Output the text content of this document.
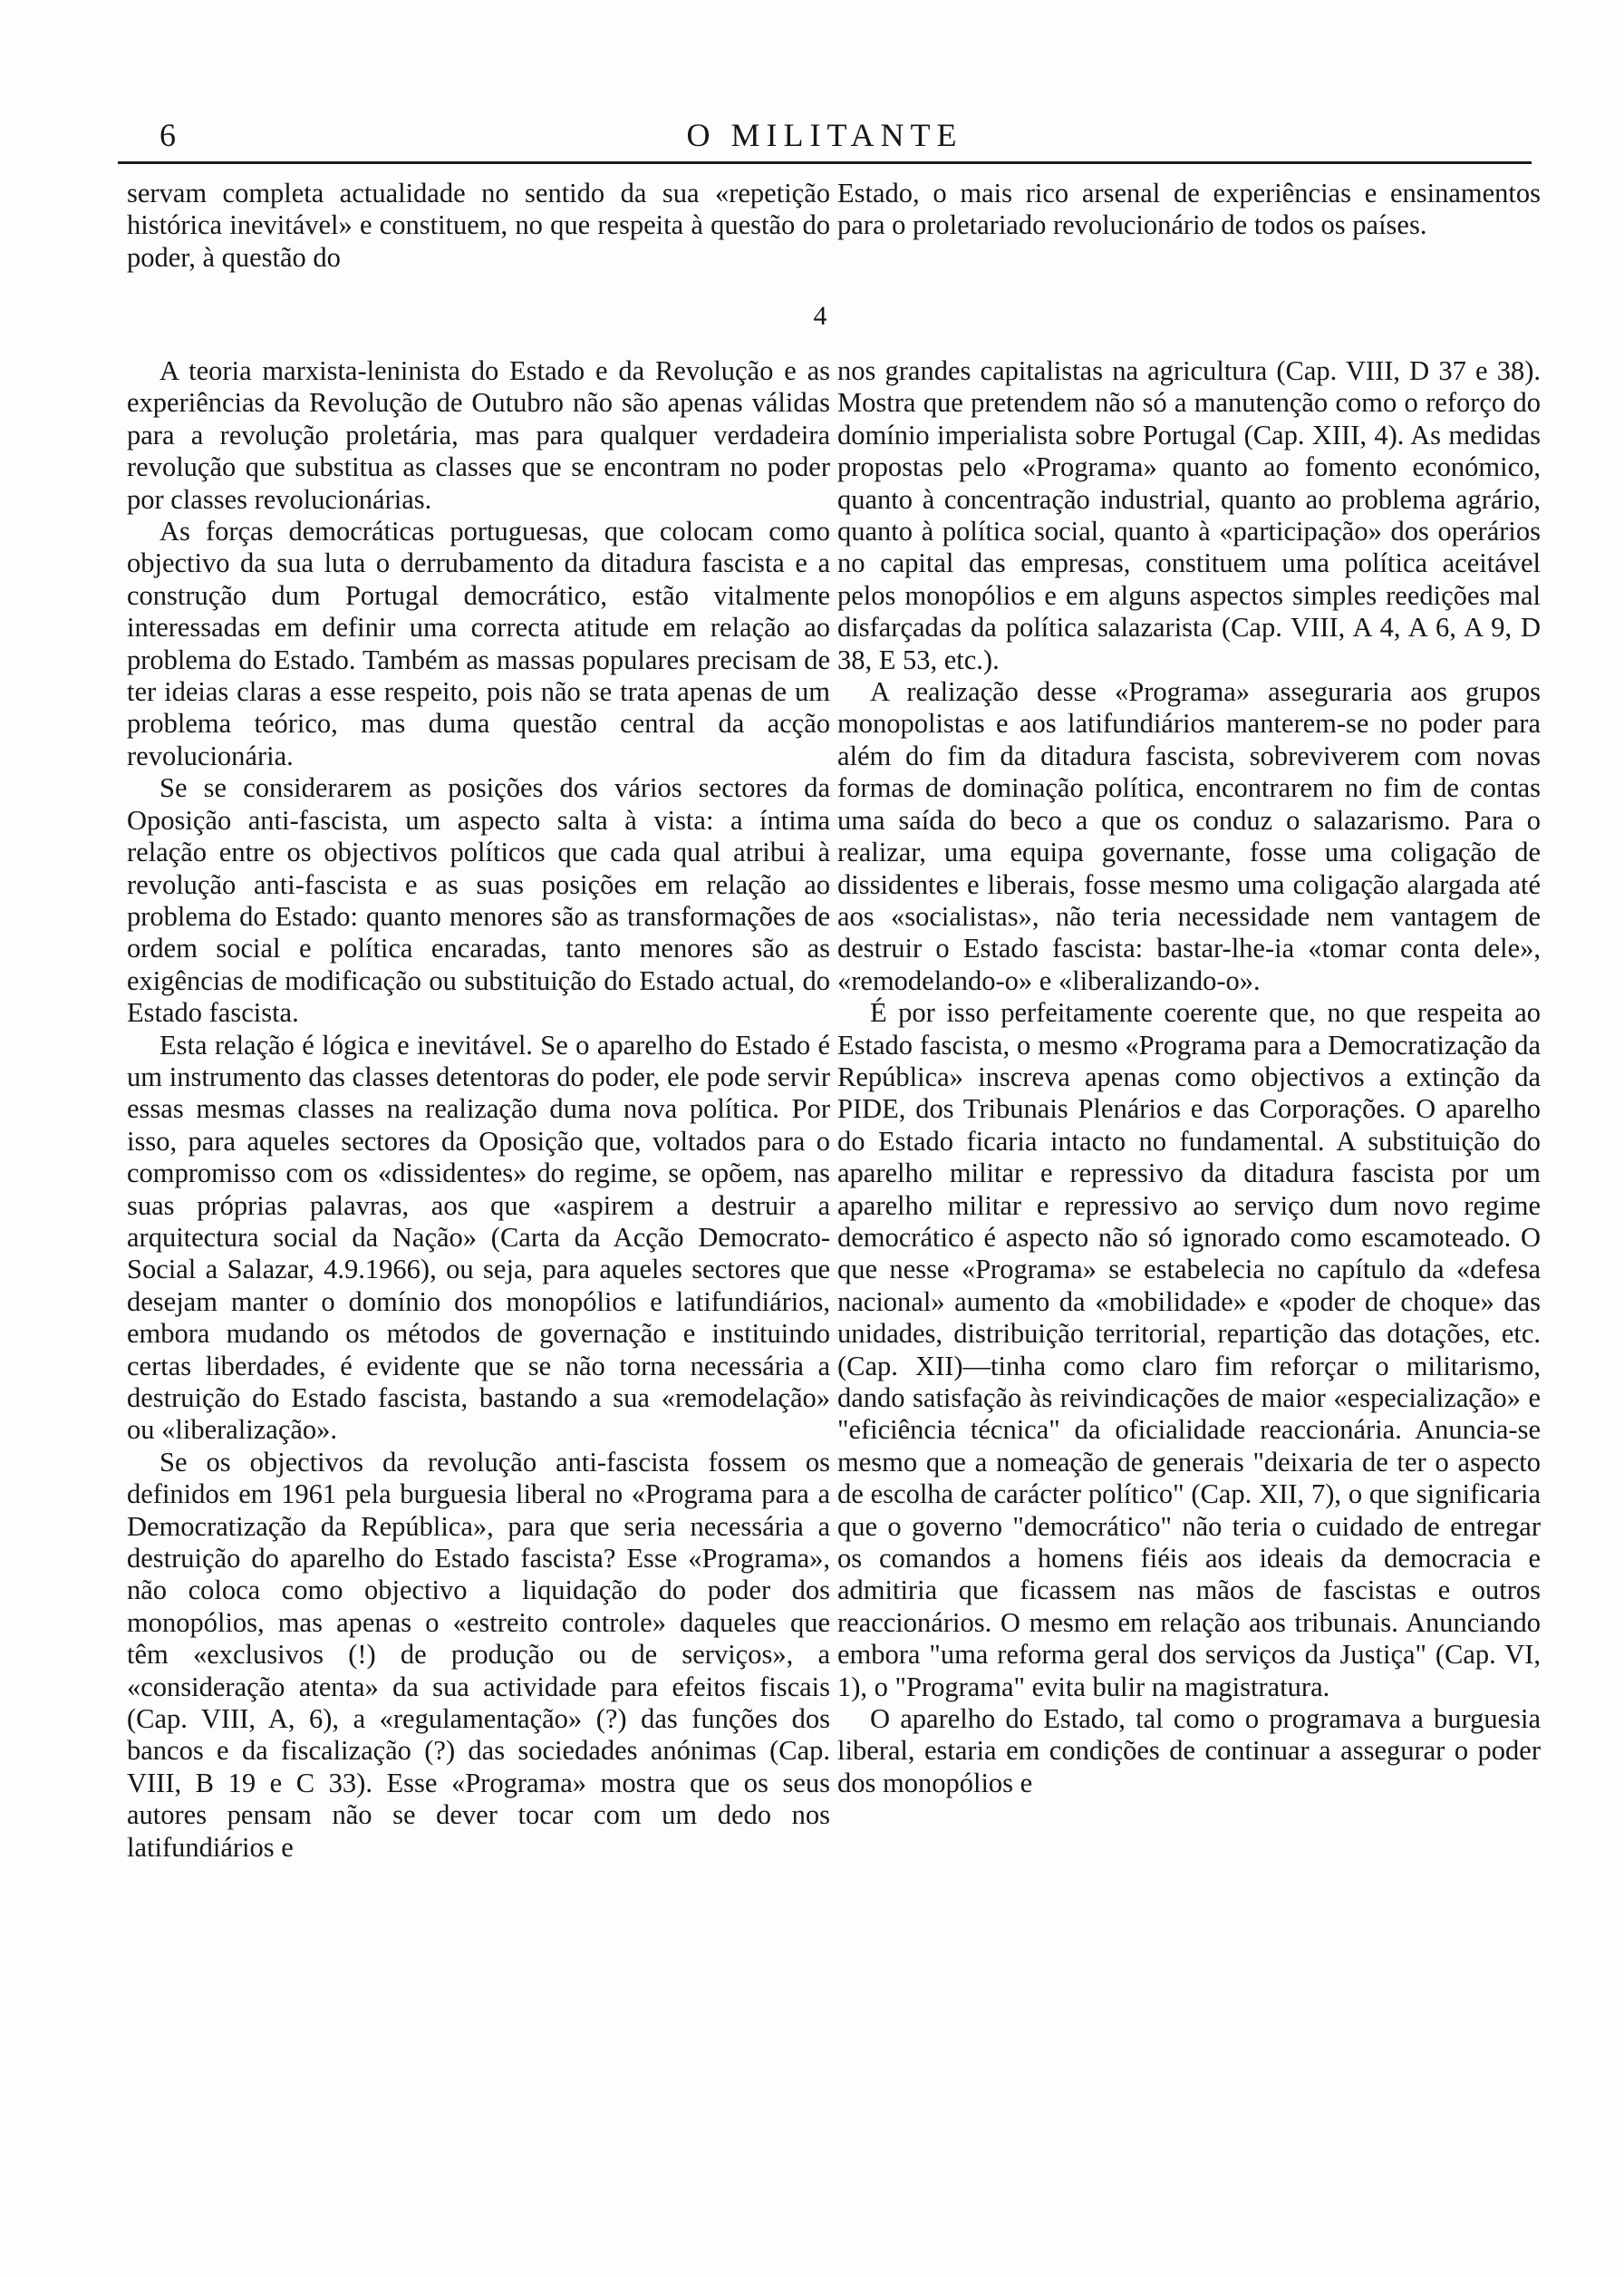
6	O MILITANTE

servam completa actualidade no sentido da sua «repetição histórica inevitável» e constituem, no que respeita à questão do poder, à questão do

Estado, o mais rico arsenal de experiências e ensinamentos para o proletariado revolucionário de todos os países.

4

A teoria marxista-leninista do Estado e da Revolução e as experiências da Revolução de Outubro não são apenas válidas para a revolução proletária, mas para qualquer verdadeira revolução que substitua as classes que se encontram no poder por classes revolucionárias.

As forças democráticas portuguesas, que colocam como objectivo da sua luta o derrubamento da ditadura fascista e a construção dum Portugal democrático, estão vitalmente interessadas em definir uma correcta atitude em relação ao problema do Estado. Também as massas populares precisam de ter ideias claras a esse respeito, pois não se trata apenas de um problema teórico, mas duma questão central da acção revolucionária.

Se se considerarem as posições dos vários sectores da Oposição anti-fascista, um aspecto salta à vista: a íntima relação entre os objectivos políticos que cada qual atribui à revolução anti-fascista e as suas posições em relação ao problema do Estado: quanto menores são as transformações de ordem social e política encaradas, tanto menores são as exigências de modificação ou substituição do Estado actual, do Estado fascista.

Esta relação é lógica e inevitável. Se o aparelho do Estado é um instrumento das classes detentoras do poder, ele pode servir essas mesmas classes na realização duma nova política. Por isso, para aqueles sectores da Oposição que, voltados para o compromisso com os «dissidentes» do regime, se opõem, nas suas próprias palavras, aos que «aspirem a destruir a arquitectura social da Nação» (Carta da Acção Democrato-Social a Salazar, 4.9.1966), ou seja, para aqueles sectores que desejam manter o domínio dos monopólios e latifundiários, embora mudando os métodos de governação e instituindo certas liberdades, é evidente que se não torna necessária a destruição do Estado fascista, bastando a sua «remodelação» ou «liberalização».

Se os objectivos da revolução anti-fascista fossem os definidos em 1961 pela burguesia liberal no «Programa para a Democratização da República», para que seria necessária a destruição do aparelho do Estado fascista? Esse «Programa», não coloca como objectivo a liquidação do poder dos monopólios, mas apenas o «estreito controle» daqueles que têm «exclusivos (!) de produção ou de serviços», a «consideração atenta» da sua actividade para efeitos fiscais (Cap. VIII, A, 6), a «regulamentação» (?) das funções dos bancos e da fiscalização (?) das sociedades anónimas (Cap. VIII, B 19 e C 33). Esse «Programa» mostra que os seus autores pensam não se dever tocar com um dedo nos latifundiários e

nos grandes capitalistas na agricultura (Cap. VIII, D 37 e 38). Mostra que pretendem não só a manutenção como o reforço do domínio imperialista sobre Portugal (Cap. XIII, 4). As medidas propostas pelo «Programa» quanto ao fomento económico, quanto à concentração industrial, quanto ao problema agrário, quanto à política social, quanto à «participação» dos operários no capital das empresas, constituem uma política aceitável pelos monopólios e em alguns aspectos simples reedições mal disfarçadas da política salazarista (Cap. VIII, A 4, A 6, A 9, D 38, E 53, etc.).

A realização desse «Programa» asseguraria aos grupos monopolistas e aos latifundiários manterem-se no poder para além do fim da ditadura fascista, sobreviverem com novas formas de dominação política, encontrarem no fim de contas uma saída do beco a que os conduz o salazarismo. Para o realizar, uma equipa governante, fosse uma coligação de dissidentes e liberais, fosse mesmo uma coligação alargada até aos «socialistas», não teria necessidade nem vantagem de destruir o Estado fascista: bastar-lhe-ia «tomar conta dele», «remodelando-o» e «liberalizando-o».

É por isso perfeitamente coerente que, no que respeita ao Estado fascista, o mesmo «Programa para a Democratização da República» inscreva apenas como objectivos a extinção da PIDE, dos Tribunais Plenários e das Corporações. O aparelho do Estado ficaria intacto no fundamental. A substituição do aparelho militar e repressivo da ditadura fascista por um aparelho militar e repressivo ao serviço dum novo regime democrático é aspecto não só ignorado como escamoteado. O que nesse «Programa» se estabelecia no capítulo da «defesa nacional» aumento da «mobilidade» e «poder de choque» das unidades, distribuição territorial, repartição das dotações, etc. (Cap. XII)—tinha como claro fim reforçar o militarismo, dando satisfação às reivindicações de maior «especialização» e "eficiência técnica" da oficialidade reaccionária. Anuncia-se mesmo que a nomeação de generais "deixaria de ter o aspecto de escolha de carácter político" (Cap. XII, 7), o que significaria que o governo "democrático" não teria o cuidado de entregar os comandos a homens fiéis aos ideais da democracia e admitiria que ficassem nas mãos de fascistas e outros reaccionários. O mesmo em relação aos tribunais. Anunciando embora "uma reforma geral dos serviços da Justiça" (Cap. VI, 1), o "Programa" evita bulir na magistratura.

O aparelho do Estado, tal como o programava a burguesia liberal, estaria em condições de continuar a assegurar o poder dos monopólios e
